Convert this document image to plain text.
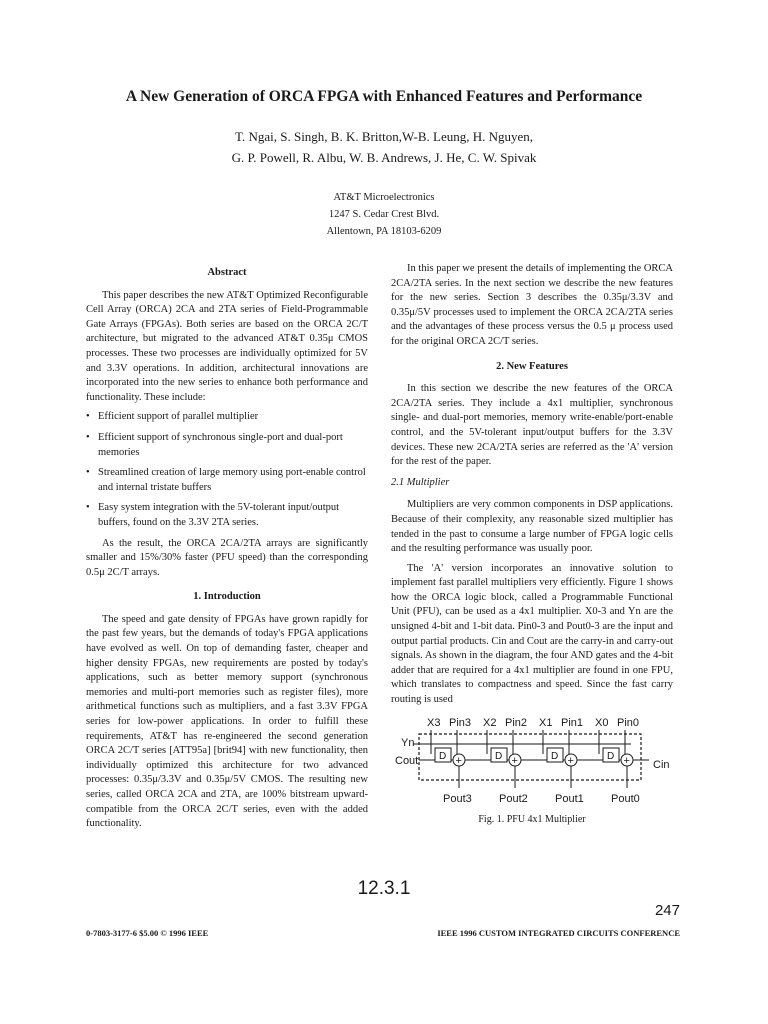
A New Generation of ORCA FPGA with Enhanced Features and Performance
T. Ngai, S. Singh, B. K. Britton,W-B. Leung, H. Nguyen,
G. P. Powell, R. Albu, W. B. Andrews, J. He, C. W. Spivak
AT&T Microelectronics
1247 S. Cedar Crest Blvd.
Allentown, PA 18103-6209
Abstract

This paper describes the new AT&T Optimized Reconfigurable Cell Array (ORCA) 2CA and 2TA series of Field-Programmable Gate Arrays (FPGAs). Both series are based on the ORCA 2C/T architecture, but migrated to the advanced AT&T 0.35μ CMOS processes. These two processes are individually optimized for 5V and 3.3V operations. In addition, architectural innovations are incorporated into the new series to enhance both performance and functionality. These include:

• Efficient support of parallel multiplier
• Efficient support of synchronous single-port and dual-port memories
• Streamlined creation of large memory using port-enable control and internal tristate buffers
• Easy system integration with the 5V-tolerant input/output buffers, found on the 3.3V 2TA series.

As the result, the ORCA 2CA/2TA arrays are significantly smaller and 15%/30% faster (PFU speed) than the corresponding 0.5μ 2C/T arrays.

1. Introduction

The speed and gate density of FPGAs have grown rapidly for the past few years, but the demands of today's FPGA applications have evolved as well. On top of demanding faster, cheaper and higher density FPGAs, new requirements are posted by today's applications, such as better memory support (synchronous memories and multi-port memories such as register files), more arithmetical functions such as multipliers, and a fast 3.3V FPGA series for low-power applications. In order to fulfill these requirements, AT&T has re-engineered the second generation ORCA 2C/T series [ATT95a] [brit94] with new functionality, then individually optimized this architecture for two advanced processes: 0.35μ/3.3V and 0.35μ/5V CMOS. The resulting new series, called ORCA 2CA and 2TA, are 100% bitstream upward-compatible from the ORCA 2C/T series, even with the added functionality.

In this paper we present the details of implementing the ORCA 2CA/2TA series. In the next section we describe the new features for the new series. Section 3 describes the 0.35μ/3.3V and 0.35μ/5V processes used to implement the ORCA 2CA/2TA series and the advantages of these process versus the 0.5 μ process used for the original ORCA 2C/T series.

2. New Features

In this section we describe the new features of the ORCA 2CA/2TA series. They include a 4x1 multiplier, synchronous single- and dual-port memories, memory write-enable/port-enable control, and the 5V-tolerant input/output buffers for the 3.3V devices. These new 2CA/2TA series are referred as the 'A' version for the rest of the paper.

2.1 Multiplier

Multipliers are very common components in DSP applications. Because of their complexity, any reasonable sized multiplier has tended in the past to consume a large number of FPGA logic cells and the resulting performance was usually poor.

The 'A' version incorporates an innovative solution to implement fast parallel multipliers very efficiently. Figure 1 shows how the ORCA logic block, called a Programmable Functional Unit (PFU), can be used as a 4x1 multiplier. X0-3 and Yn are the unsigned 4-bit and 1-bit data. Pin0-3 and Pout0-3 are the input and output partial products. Cin and Cout are the carry-in and carry-out signals. As shown in the diagram, the four AND gates and the 4-bit adder that are required for a 4x1 multiplier are found in one FPU, which translates to compactness and speed. Since the fast carry routing is used

X3 Pin3 X2 Pin2 X1 Pin1 X0 Pin0
Yn
Cout	Cin
D	D	D	D
+	+	+	+
Pout3 Pout2 Pout1 Pout0
Fig. 1. PFU 4x1 Multiplier
12.3.1
247
0-7803-3177-6 $5.00 © 1996 IEEE	IEEE 1996 CUSTOM INTEGRATED CIRCUITS CONFERENCE
